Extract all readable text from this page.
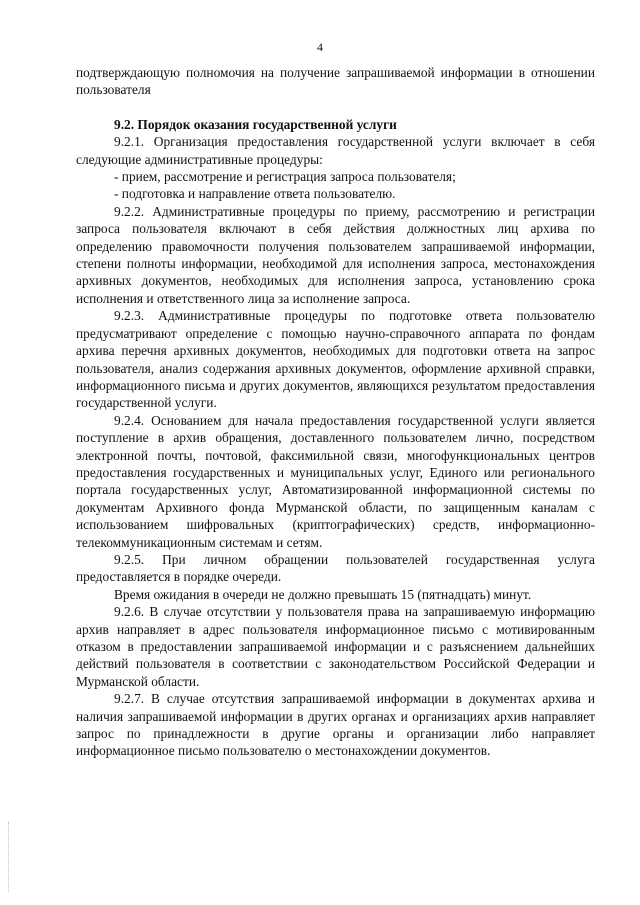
4

подтверждающую полномочия на получение запрашиваемой информации в отношении пользователя

9.2. Порядок оказания государственной услуги

9.2.1. Организация предоставления государственной услуги включает в себя следующие административные процедуры:

- прием, рассмотрение и регистрация запроса пользователя;

- подготовка и направление ответа пользователю.

9.2.2. Административные процедуры по приему, рассмотрению и регистрации запроса пользователя включают в себя действия должностных лиц архива по определению правомочности получения пользователем запрашиваемой информации, степени полноты информации, необходимой для исполнения запроса, местонахождения архивных документов, необходимых для исполнения запроса, установлению срока исполнения и ответственного лица за исполнение запроса.

9.2.3. Административные процедуры по подготовке ответа пользователю предусматривают определение с помощью научно-справочного аппарата по фондам архива перечня архивных документов, необходимых для подготовки ответа на запрос пользователя, анализ содержания архивных документов, оформление архивной справки, информационного письма и других документов, являющихся результатом предоставления государственной услуги.

9.2.4. Основанием для начала предоставления государственной услуги является поступление в архив обращения, доставленного пользователем лично, посредством электронной почты, почтовой, факсимильной связи, многофункциональных центров предоставления государственных и муниципальных услуг, Единого или регионального портала государственных услуг, Автоматизированной информационной системы по документам Архивного фонда Мурманской области, по защищенным каналам с использованием шифровальных (криптографических) средств, информационно-телекоммуникационным системам и сетям.

9.2.5. При личном обращении пользователей государственная услуга предоставляется в порядке очереди.

Время ожидания в очереди не должно превышать 15 (пятнадцать) минут.

9.2.6. В случае отсутствии у пользователя права на запрашиваемую информацию архив направляет в адрес пользователя информационное письмо с мотивированным отказом в предоставлении запрашиваемой информации и с разъяснением дальнейших действий пользователя в соответствии с законодательством Российской Федерации и Мурманской области.

9.2.7. В случае отсутствия запрашиваемой информации в документах архива и наличия запрашиваемой информации в других органах и организациях архив направляет запрос по принадлежности в другие органы и организации либо направляет информационное письмо пользователю о местонахождении документов.
